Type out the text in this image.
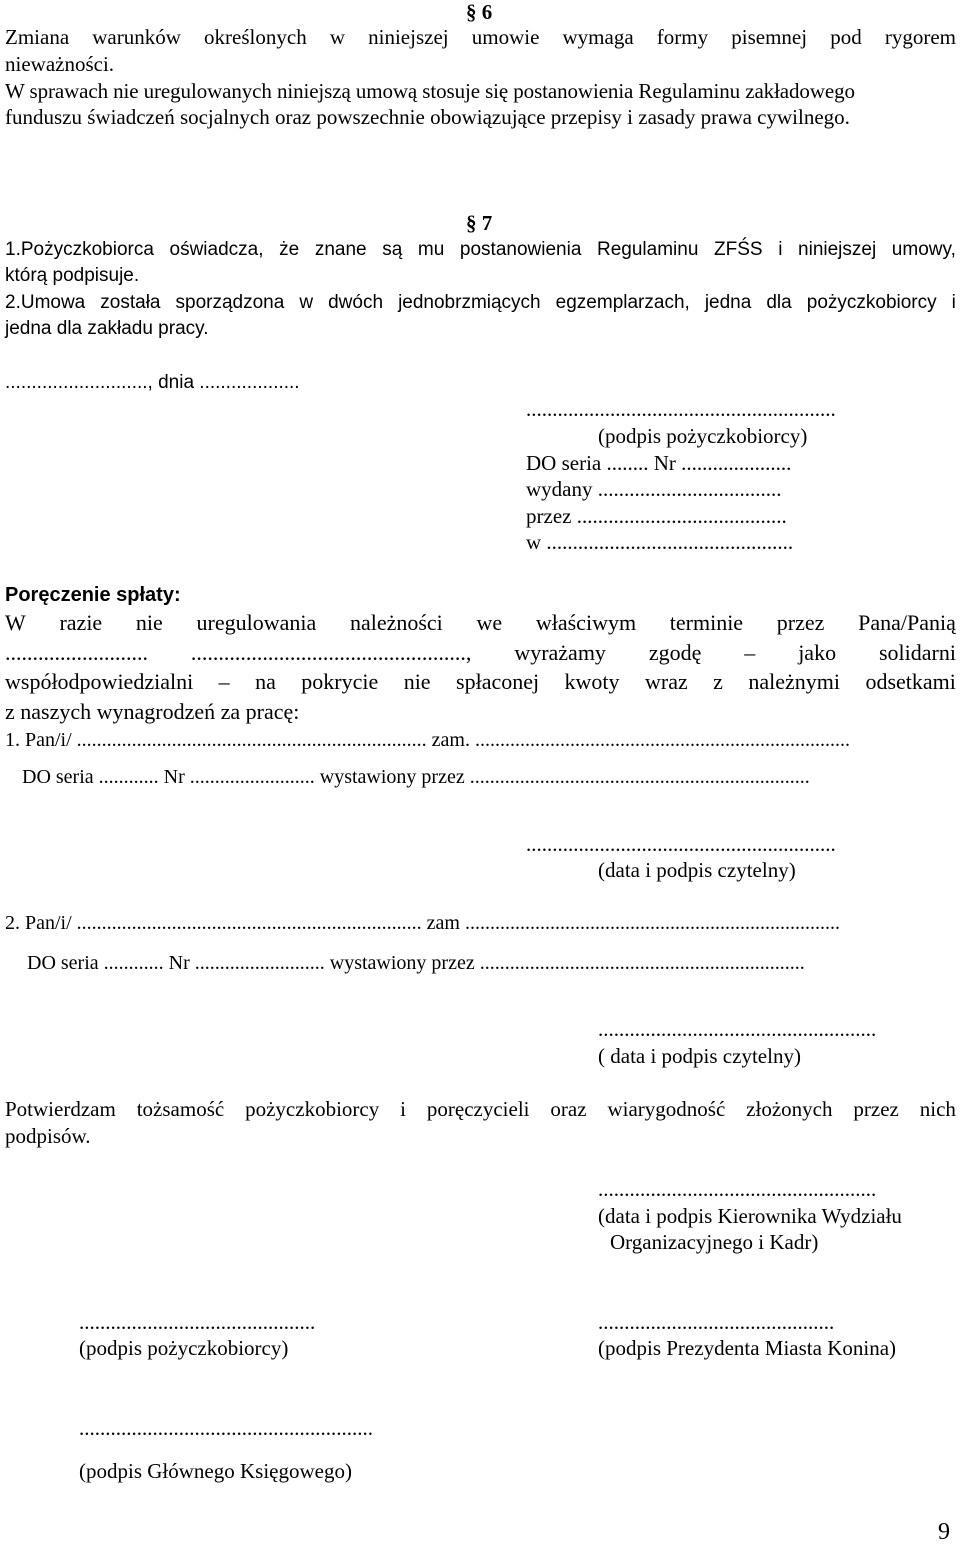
§ 6
Zmiana warunków określonych w niniejszej umowie wymaga formy pisemnej pod rygorem
nieważności.
W sprawach nie uregulowanych niniejszą umową stosuje się postanowienia Regulaminu zakładowego
funduszu świadczeń socjalnych oraz powszechnie obowiązujące przepisy i zasady prawa cywilnego.
§ 7
1.Pożyczkobiorca oświadcza, że znane są mu postanowienia Regulaminu ZFŚS i niniejszej umowy,
którą podpisuje.
2.Umowa została sporządzona w dwóch jednobrzmiących egzemplarzach, jedna dla pożyczkobiorcy i
jedna dla zakładu pracy.
..........................., dnia ...................
...........................................................
(podpis pożyczkobiorcy)
DO seria ........ Nr .....................
wydany ...................................
przez ........................................
w ...............................................
Poręczenie spłaty:
W razie nie uregulowania należności we właściwym terminie przez Pana/Panią
.......................... .................................................., wyrażamy zgodę – jako solidarni
współodpowiedzialni – na pokrycie nie spłaconej kwoty wraz z należnymi odsetkami
z naszych wynagrodzeń za pracę:
1. Pan/i/ ...................................................................... zam. ...........................................................................
DO seria ............ Nr ......................... wystawiony przez ....................................................................
...........................................................
(data i podpis czytelny)
2. Pan/i/ ..................................................................... zam ...........................................................................
DO seria ............ Nr .......................... wystawiony przez .................................................................
.....................................................
( data i podpis czytelny)
Potwierdzam tożsamość pożyczkobiorcy i poręczycieli oraz wiarygodność złożonych przez nich
podpisów.
.....................................................
(data i podpis Kierownika Wydziału
Organizacyjnego i Kadr)
.............................................
(podpis pożyczkobiorcy)
.............................................
(podpis Prezydenta Miasta Konina)
........................................................
(podpis Głównego Księgowego)
9
